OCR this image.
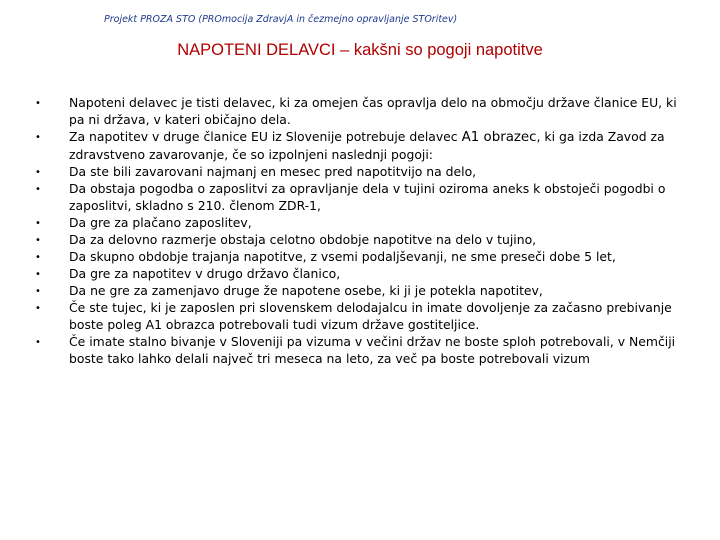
Projekt PROZA STO (PROmocija ZdravjA in čezmejno opravljanje STOritev)
NAPOTENI DELAVCI – kakšni so pogoji napotitve
• Napoteni delavec je tisti delavec, ki za omejen čas opravlja delo na območju države članice EU, ki pa ni država, v kateri običajno dela.
• Za napotitev v druge članice EU iz Slovenije potrebuje delavec A1 obrazec, ki ga izda Zavod za zdravstveno zavarovanje, če so izpolnjeni naslednji pogoji:
• Da ste bili zavarovani najmanj en mesec pred napotitvijo na delo,
• Da obstaja pogodba o zaposlitvi za opravljanje dela v tujini oziroma aneks k obstoječi pogodbi o zaposlitvi, skladno s 210. členom ZDR-1,
• Da gre za plačano zaposlitev,
• Da za delovno razmerje obstaja celotno obdobje napotitve na delo v tujino,
• Da skupno obdobje trajanja napotitve, z vsemi podaljševanji, ne sme preseči dobe 5 let,
• Da gre za napotitev v drugo državo članico,
• Da ne gre za zamenjavo druge že napotene osebe, ki ji je potekla napotitev,
• Če ste tujec, ki je zaposlen pri slovenskem delodajalcu in imate dovoljenje za začasno prebivanje boste poleg A1 obrazca potrebovali tudi vizum države gostiteljice.
• Če imate stalno bivanje v Sloveniji pa vizuma v večini držav ne boste sploh potrebovali, v Nemčiji boste tako lahko delali največ tri meseca na leto, za več pa boste potrebovali vizum
